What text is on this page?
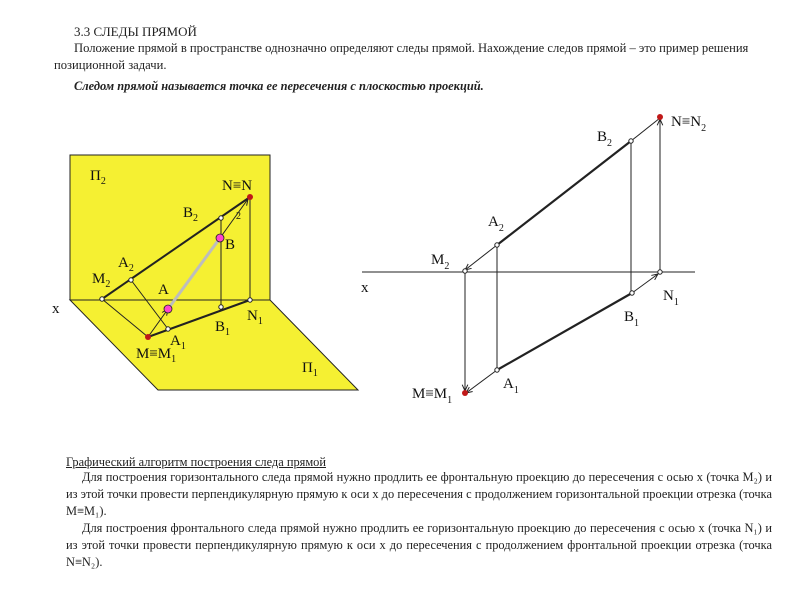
3.3 СЛЕДЫ ПРЯМОЙ
Положение прямой в пространстве однозначно определяют следы прямой. Нахождение следов прямой – это пример решения позиционной задачи.
Следом прямой называется точка ее пересечения с плоскостью проекций.
$П_2$
$П_1$
x
N≡N
2
$B_2$
B
$A_2$
A
$M_2$
$N_1$
$B_1$
$A_1$
$M\equiv M_1$
x
$N\equiv N_2$
$B_2$
$A_2$
$M_2$
$N_1$
$B_1$
$A_1$
$M\equiv M_1$
Графический алгоритм построения следа прямой

Для построения горизонтального следа прямой нужно продлить ее фронтальную проекцию до пересечения с осью x (точка M₂) и из этой точки провести перпендикулярную прямую к оси x до пересечения с продолжением горизонтальной проекции отрезка (точка M≡M₁).

Для построения фронтального следа прямой нужно продлить ее горизонтальную проекцию до пересечения с осью x (точка N₁) и из этой точки провести перпендикулярную прямую к оси x до пересечения с продолжением фронтальной проекции отрезка (точка N≡N₂).
